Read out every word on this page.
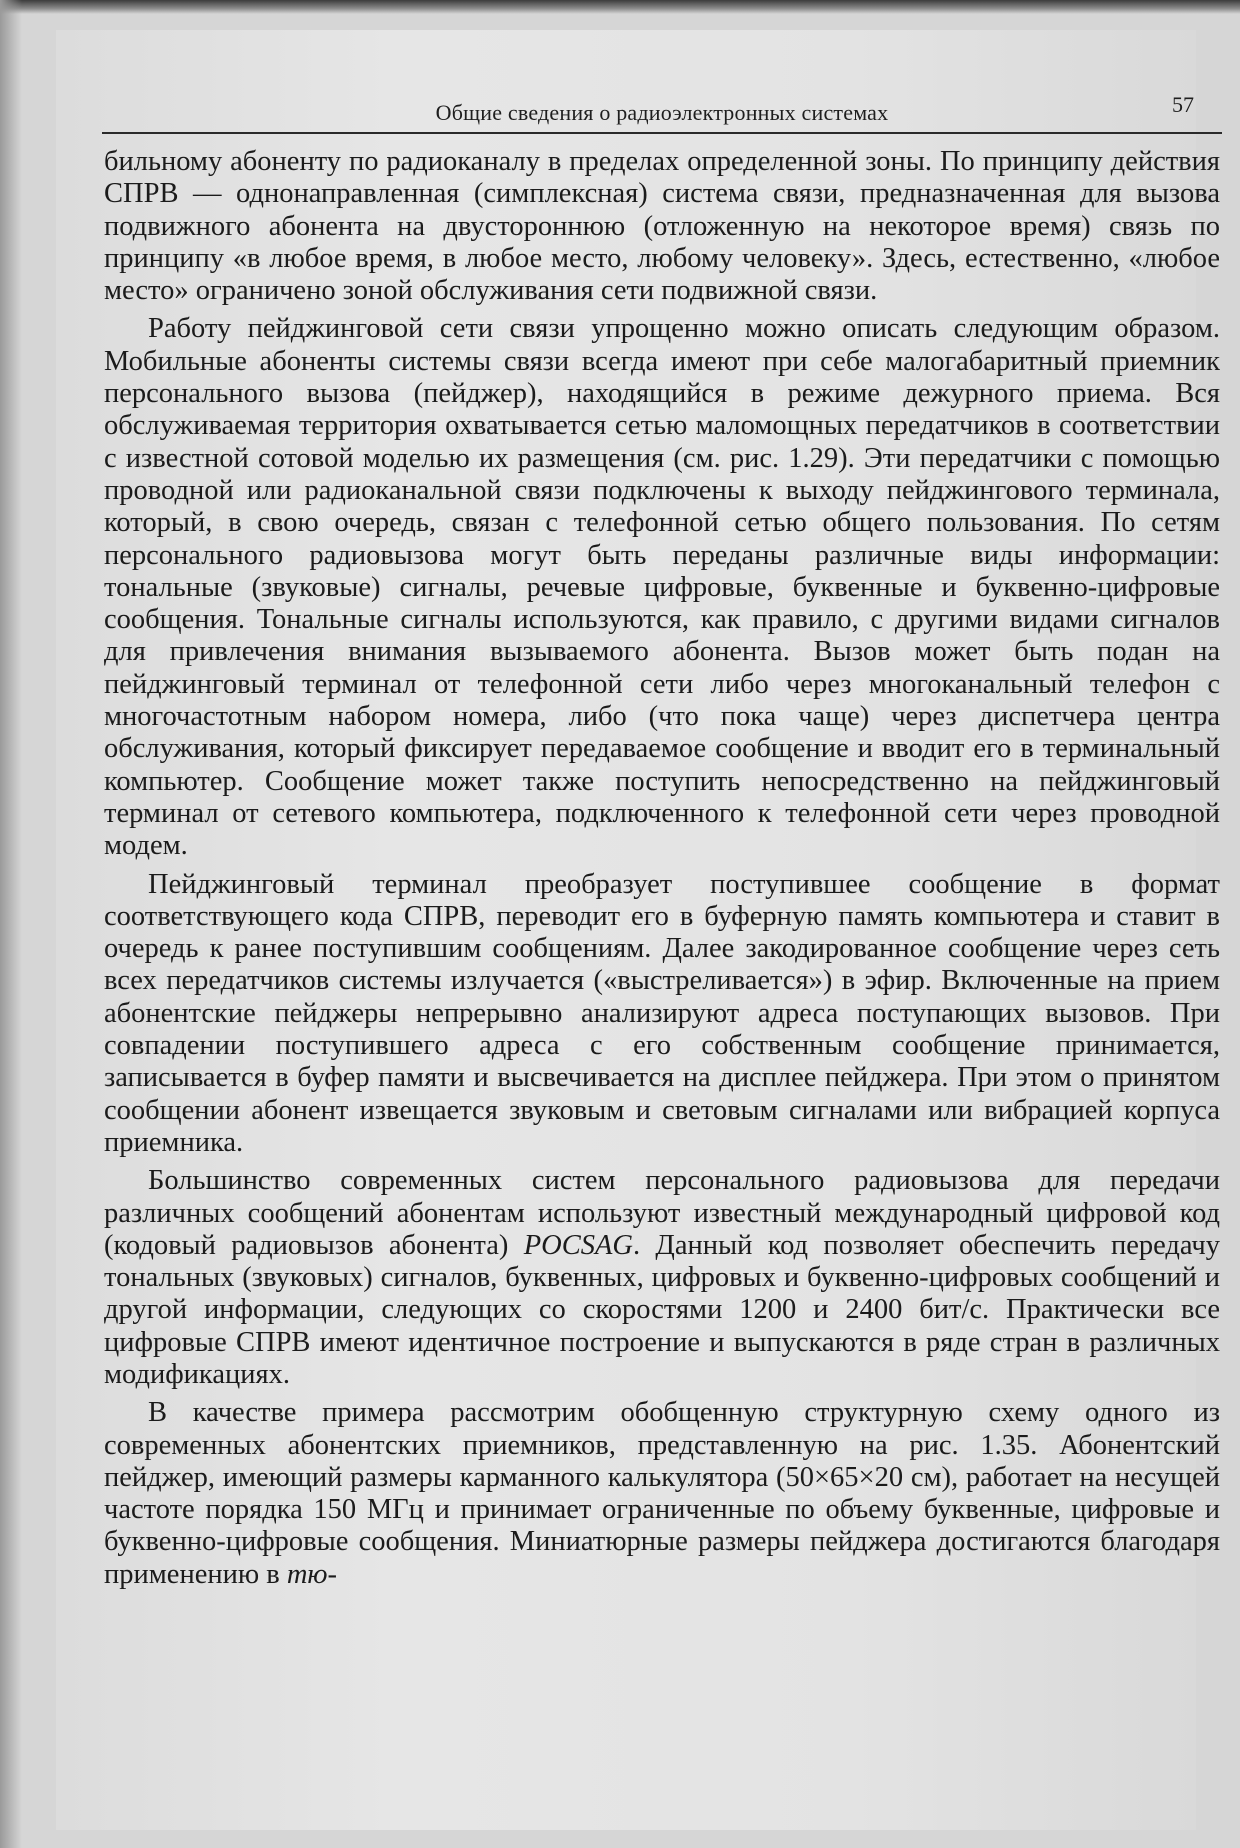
Общие сведения о радиоэлектронных системах	57

бильному абоненту по радиоканалу в пределах определенной зоны. По принципу действия СПРВ — однонаправленная (симплексная) система связи, предназначенная для вызова подвижного абонента на двустороннюю (отложенную на некоторое время) связь по принципу «в любое время, в любое место, любому человеку». Здесь, естественно, «любое место» ограничено зоной обслуживания сети подвижной связи.

Работу пейджинговой сети связи упрощенно можно описать следующим образом. Мобильные абоненты системы связи всегда имеют при себе малогабаритный приемник персонального вызова (пейджер), находящийся в режиме дежурного приема. Вся обслуживаемая территория охватывается сетью маломощных передатчиков в соответствии с известной сотовой моделью их размещения (см. рис. 1.29). Эти передатчики с помощью проводной или радиоканальной связи подключены к выходу пейджингового терминала, который, в свою очередь, связан с телефонной сетью общего пользования. По сетям персонального радиовызова могут быть переданы различные виды информации: тональные (звуковые) сигналы, речевые цифровые, буквенные и буквенно-цифровые сообщения. Тональные сигналы используются, как правило, с другими видами сигналов для привлечения внимания вызываемого абонента. Вызов может быть подан на пейджинговый терминал от телефонной сети либо через многоканальный телефон с многочастотным набором номера, либо (что пока чаще) через диспетчера центра обслуживания, который фиксирует передаваемое сообщение и вводит его в терминальный компьютер. Сообщение может также поступить непосредственно на пейджинговый терминал от сетевого компьютера, подключенного к телефонной сети через проводной модем.

Пейджинговый терминал преобразует поступившее сообщение в формат соответствующего кода СПРВ, переводит его в буферную память компьютера и ставит в очередь к ранее поступившим сообщениям. Далее закодированное сообщение через сеть всех передатчиков системы излучается («выстреливается») в эфир. Включенные на прием абонентские пейджеры непрерывно анализируют адреса поступающих вызовов. При совпадении поступившего адреса с его собственным сообщение принимается, записывается в буфер памяти и высвечивается на дисплее пейджера. При этом о принятом сообщении абонент извещается звуковым и световым сигналами или вибрацией корпуса приемника.

Большинство современных систем персонального радиовызова для передачи различных сообщений абонентам используют известный международный цифровой код (кодовый радиовызов абонента) POCSAG. Данный код позволяет обеспечить передачу тональных (звуковых) сигналов, буквенных, цифровых и буквенно-цифровых сообщений и другой информации, следующих со скоростями 1200 и 2400 бит/с. Практически все цифровые СПРВ имеют идентичное построение и выпускаются в ряде стран в различных модификациях.

В качестве примера рассмотрим обобщенную структурную схему одного из современных абонентских приемников, представленную на рис. 1.35. Абонентский пейджер, имеющий размеры карманного калькулятора (50×65×20 см), работает на несущей частоте порядка 150 МГц и принимает ограниченные по объему буквенные, цифровые и буквенно-цифровые сообщения. Миниатюрные размеры пейджера достигаются благодаря применению в тю-
